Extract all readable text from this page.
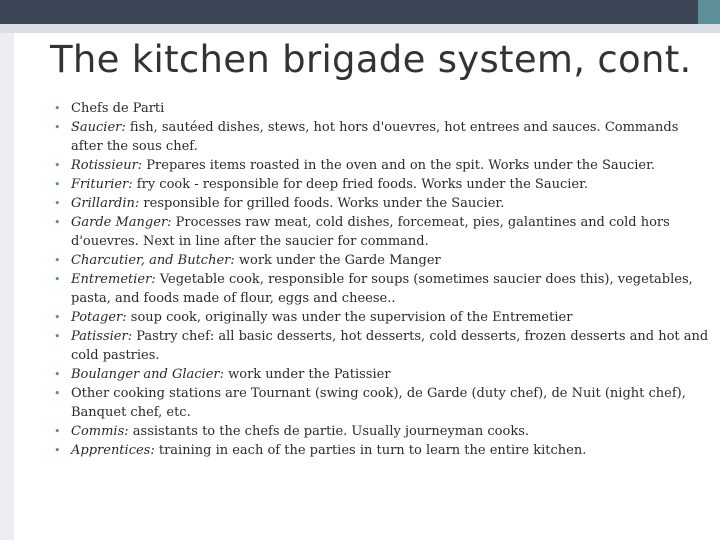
The kitchen brigade system, cont.
• Chefs de Parti
• Saucier: fish, sautéed dishes, stews, hot hors d'ouevres, hot entrees and sauces. Commands after the sous chef.
• Rotissieur: Prepares items roasted in the oven and on the spit. Works under the Saucier.
• Friturier: fry cook - responsible for deep fried foods. Works under the Saucier.
• Grillardin: responsible for grilled foods. Works under the Saucier.
• Garde Manger: Processes raw meat, cold dishes, forcemeat, pies, galantines and cold hors d'ouevres. Next in line after the saucier for command.
• Charcutier, and Butcher: work under the Garde Manger
• Entremetier: Vegetable cook, responsible for soups (sometimes saucier does this), vegetables, pasta, and foods made of flour, eggs and cheese..
• Potager: soup cook, originally was under the supervision of the Entremetier
• Patissier: Pastry chef: all basic desserts, hot desserts, cold desserts, frozen desserts and hot and cold pastries.
• Boulanger and Glacier: work under the Patissier
• Other cooking stations are Tournant (swing cook), de Garde (duty chef), de Nuit (night chef), Banquet chef, etc.
• Commis: assistants to the chefs de partie. Usually journeyman cooks.
• Apprentices: training in each of the parties in turn to learn the entire kitchen.
